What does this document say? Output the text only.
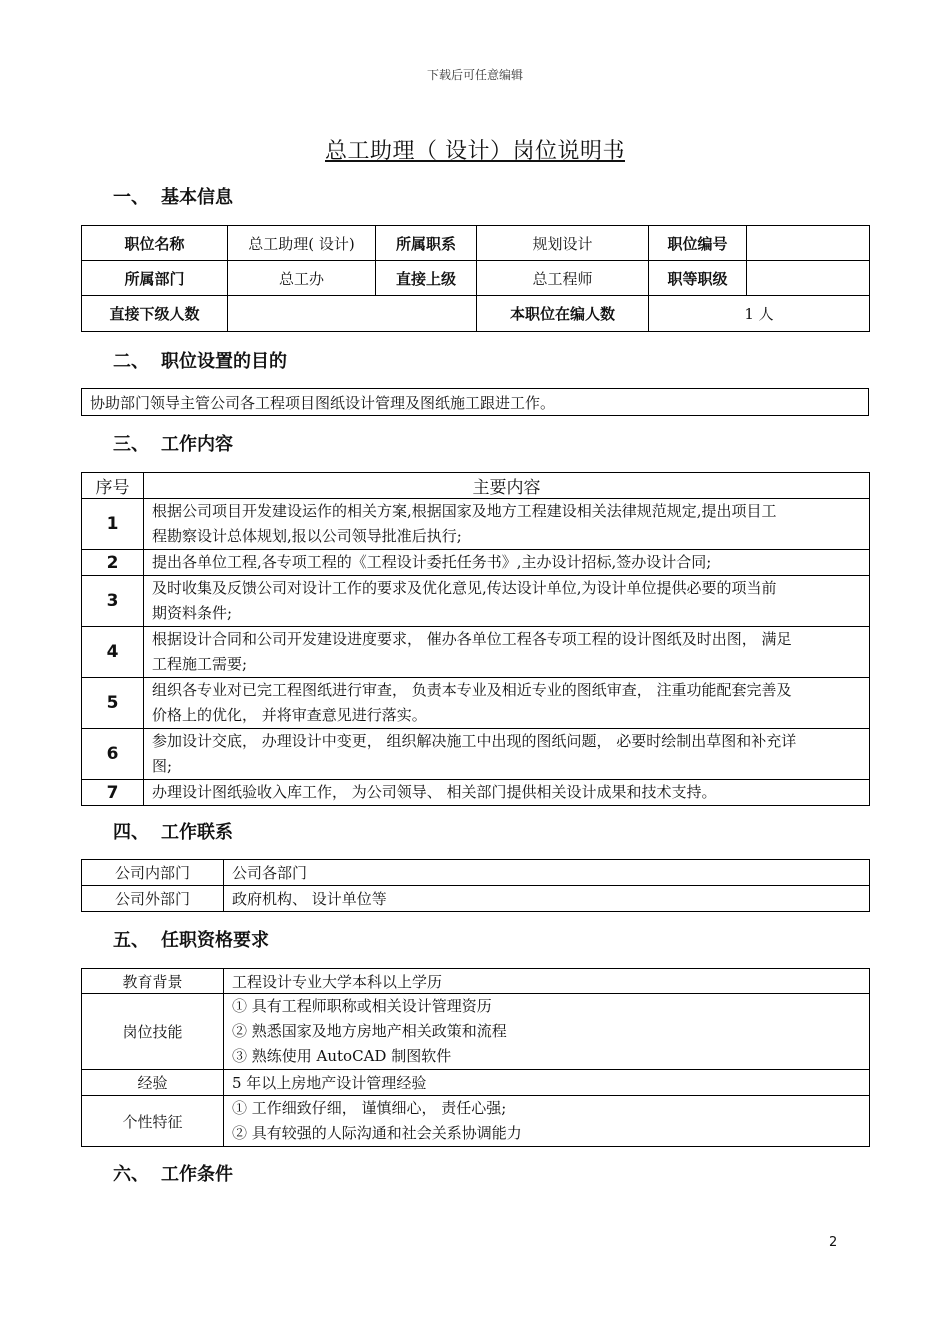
下载后可任意编辑
总工助理（ 设计）岗位说明书
一、 基本信息
职位名称	总工助理( 设计)	所属职系	规划设计	职位编号	
所属部门	总工办	直接上级	总工程师	职等职级	
直接下级人数			本职位在编人数	1 人	
二、 职位设置的目的
协助部门领导主管公司各工程项目图纸设计管理及图纸施工跟进工作。
三、 工作内容
序号	主要内容
1	根据公司项目开发建设运作的相关方案,根据国家及地方工程建设相关法律规范规定,提出项目工
程勘察设计总体规划,报以公司领导批准后执行;

2	提出各单位工程,各专项工程的《工程设计委托任务书》,主办设计招标,签办设计合同;

3	及时收集及反馈公司对设计工作的要求及优化意见,传达设计单位,为设计单位提供必要的项当前
期资料条件;

4	根据设计合同和公司开发建设进度要求， 催办各单位工程各专项工程的设计图纸及时出图， 满足
工程施工需要;

5	组织各专业对已完工程图纸进行审查， 负责本专业及相近专业的图纸审查， 注重功能配套完善及
价格上的优化， 并将审查意见进行落实。

6	参加设计交底， 办理设计中变更， 组织解决施工中出现的图纸问题， 必要时绘制出草图和补充详
图;

7	办理设计图纸验收入库工作， 为公司领导、 相关部门提供相关设计成果和技术支持。
四、 工作联系
公司内部门	公司各部门
公司外部门	政府机构、 设计单位等
五、 任职资格要求
教育背景	工程设计专业大学本科以上学历
岗位技能	① 具有工程师职称或相关设计管理资历
② 熟悉国家及地方房地产相关政策和流程
③ 熟练使用 AutoCAD 制图软件

经验	5 年以上房地产设计管理经验
个性特征	① 工作细致仔细， 谨慎细心， 责任心强;
② 具有较强的人际沟通和社会关系协调能力
六、 工作条件
2
